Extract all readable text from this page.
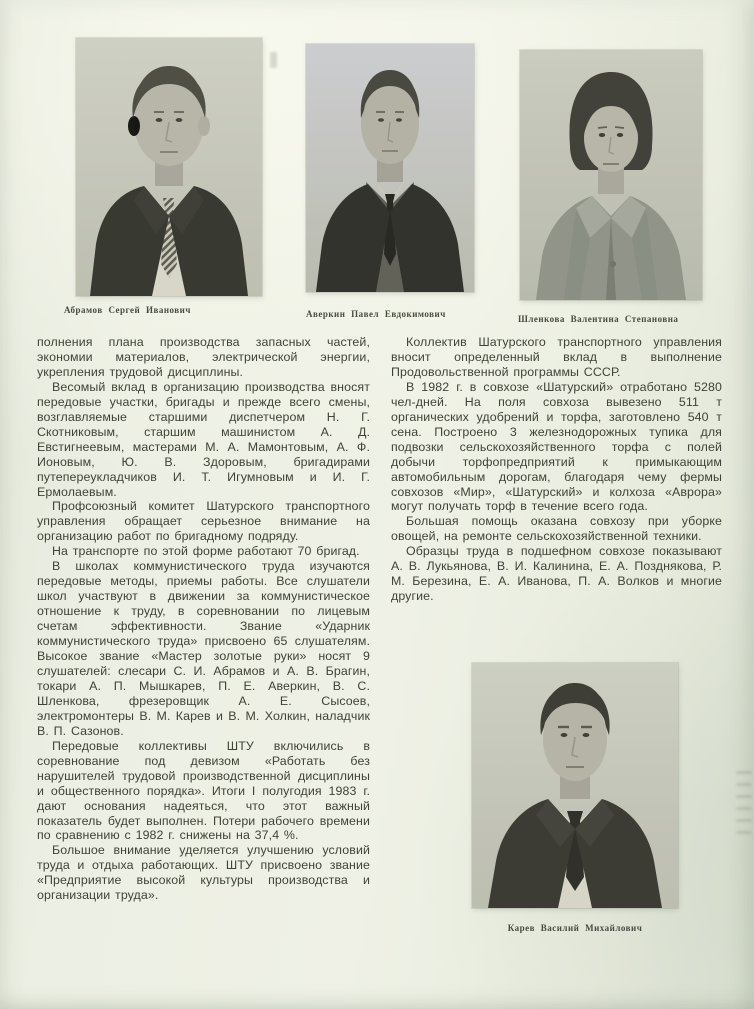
Абрамов Сергей Иванович	Аверкин Павел Евдокимович	Шленкова Валентина Степановна

полнения плана производства запасных частей, экономии материалов, электрической энергии, укрепления трудовой дисциплины.

Весомый вклад в организацию производства вносят передовые участки, бригады и прежде всего смены, возглавляемые старшими диспетчером Н. Г. Скотниковым, старшим машинистом А. Д. Евстигнеевым, мастерами М. А. Мамонтовым, А. Ф. Ионовым, Ю. В. Здоровым, бригадирами путепереукладчиков И. Т. Игумновым и И. Г. Ермолаевым.

Профсоюзный комитет Шатурского транспортного управления обращает серьезное внимание на организацию работ по бригадному подряду.

На транспорте по этой форме работают 70 бригад.

В школах коммунистического труда изучаются передовые методы, приемы работы. Все слушатели школ участвуют в движении за коммунистическое отношение к труду, в соревновании по лицевым счетам эффективности. Звание «Ударник коммунистического труда» присвоено 65 слушателям. Высокое звание «Мастер золотые руки» носят 9 слушателей: слесари С. И. Абрамов и А. В. Брагин, токари А. П. Мышкарев, П. Е. Аверкин, В. С. Шленкова, фрезеровщик А. Е. Сысоев, электромонтеры В. М. Карев и В. М. Холкин, наладчик В. П. Сазонов.

Передовые коллективы ШТУ включились в соревнование под девизом «Работать без нарушителей трудовой производственной дисциплины и общественного порядка». Итоги I полугодия 1983 г. дают основания надеяться, что этот важный показатель будет выполнен. Потери рабочего времени по сравнению с 1982 г. снижены на 37,4 %.

Большое внимание уделяется улучшению условий труда и отдыха работающих. ШТУ присвоено звание «Предприятие высокой культуры производства и организации труда».

Коллектив Шатурского транспортного управления вносит определенный вклад в выполнение Продовольственной программы СССР.

В 1982 г. в совхозе «Шатурский» отработано 5280 чел-дней. На поля совхоза вывезено 511 т органических удобрений и торфа, заготовлено 540 т сена. Построено 3 железнодорожных тупика для подвозки сельскохозяйственного торфа с полей добычи торфопредприятий к примыкающим автомобильным дорогам, благодаря чему фермы совхозов «Мир», «Шатурский» и колхоза «Аврора» могут получать торф в течение всего года.

Большая помощь оказана совхозу при уборке овощей, на ремонте сельскохозяйственной техники.

Образцы труда в подшефном совхозе показывают А. В. Лукьянова, В. И. Калинина, Е. А. Позднякова, Р. М. Березина, Е. А. Иванова, П. А. Волков и многие другие.

Карев Василий Михайлович
